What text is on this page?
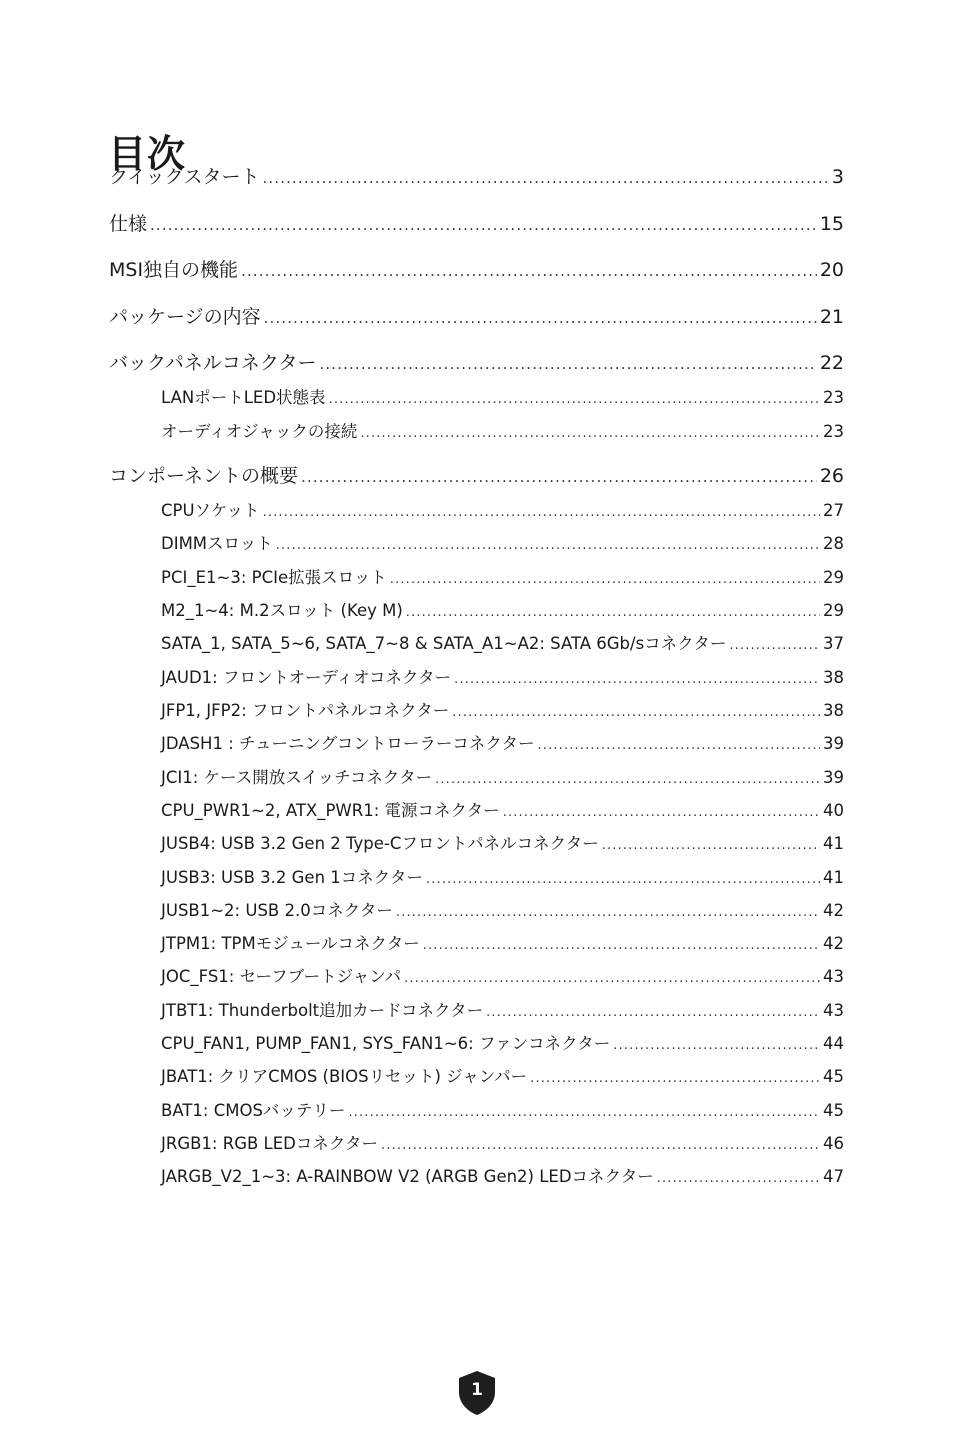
目次
クイックスタート .....	3
仕様 .....	15
MSI独自の機能 .....	20
パッケージの内容 .....	21
バックパネルコネクター .....	22
LANポートLED状態表 .....	23
オーディオジャックの接続 .....	23
コンポーネントの概要 .....	26
CPUソケット .....	27
DIMMスロット .....	28
PCI_E1~3: PCIe拡張スロット .....	29
M2_1~4: M.2スロット (Key M) .....	29
SATA_1, SATA_5~6, SATA_7~8 & SATA_A1~A2: SATA 6Gb/sコネクター .....	37
JAUD1: フロントオーディオコネクター .....	38
JFP1, JFP2: フロントパネルコネクター .....	38
JDASH1 : チューニングコントローラーコネクター .....	39
JCI1: ケース開放スイッチコネクター .....	39
CPU_PWR1~2, ATX_PWR1: 電源コネクター .....	40
JUSB4: USB 3.2 Gen 2 Type-Cフロントパネルコネクター .....	41
JUSB3: USB 3.2 Gen 1コネクター .....	41
JUSB1~2: USB 2.0コネクター .....	42
JTPM1: TPMモジュールコネクター .....	42
JOC_FS1: セーフブートジャンパ .....	43
JTBT1: Thunderbolt追加カードコネクター .....	43
CPU_FAN1, PUMP_FAN1, SYS_FAN1~6: ファンコネクター .....	44
JBAT1: クリアCMOS (BIOSリセット) ジャンパー .....	45
BAT1: CMOSバッテリー .....	45
JRGB1: RGB LEDコネクター .....	46
JARGB_V2_1~3: A-RAINBOW V2 (ARGB Gen2) LEDコネクター .....	47
1
